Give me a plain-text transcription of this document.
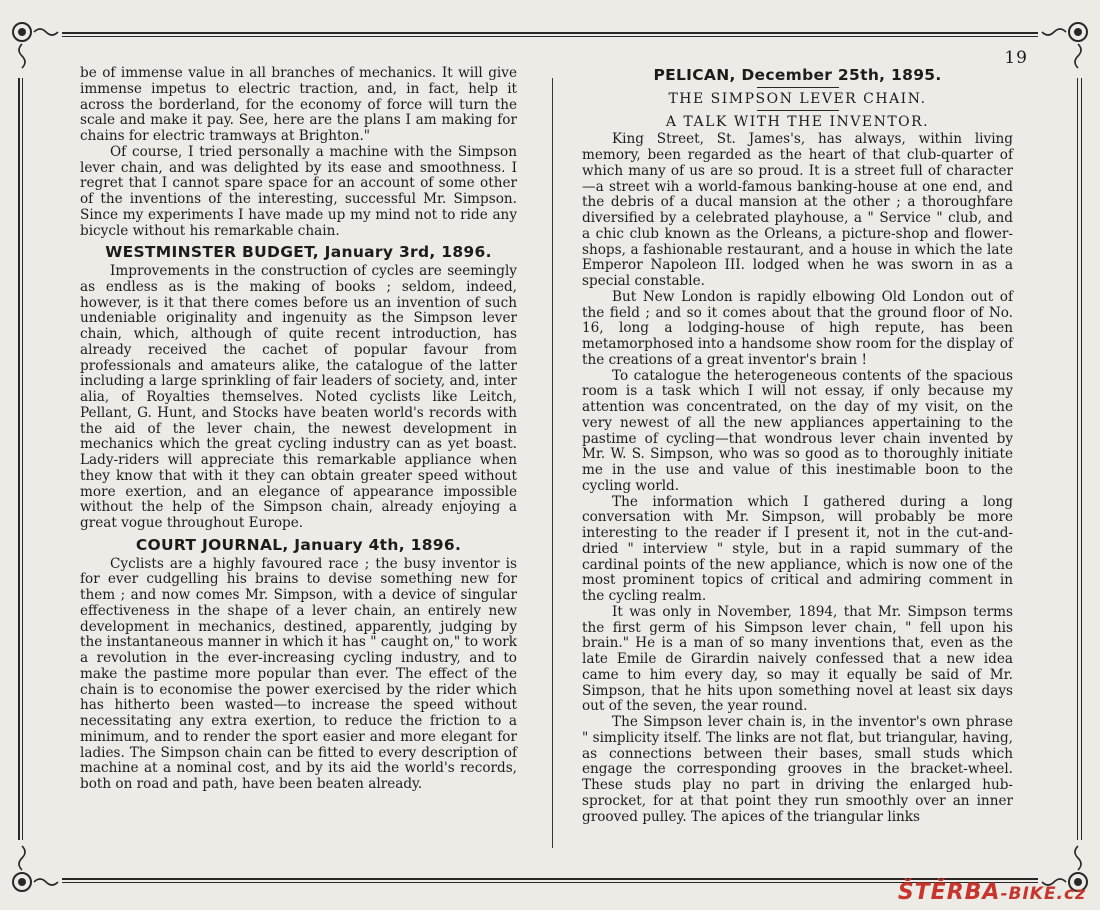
19

be of immense value in all branches of mechanics. It will give immense impetus to electric traction, and, in fact, help it across the borderland, for the economy of force will turn the scale and make it pay. See, here are the plans I am making for chains for electric tramways at Brighton."

Of course, I tried personally a machine with the Simpson lever chain, and was delighted by its ease and smoothness. I regret that I cannot spare space for an account of some other of the inventions of the interesting, successful Mr. Simpson. Since my experiments I have made up my mind not to ride any bicycle without his remarkable chain.

WESTMINSTER BUDGET, January 3rd, 1896.

Improvements in the construction of cycles are seemingly as endless as is the making of books ; seldom, indeed, however, is it that there comes before us an invention of such undeniable originality and ingenuity as the Simpson lever chain, which, although of quite recent introduction, has already received the cachet of popular favour from professionals and amateurs alike, the catalogue of the latter including a large sprinkling of fair leaders of society, and, inter alia, of Royalties themselves. Noted cyclists like Leitch, Pellant, G. Hunt, and Stocks have beaten world's records with the aid of the lever chain, the newest development in mechanics which the great cycling industry can as yet boast. Lady-riders will appreciate this remarkable appliance when they know that with it they can obtain greater speed without more exertion, and an elegance of appearance impossible without the help of the Simpson chain, already enjoying a great vogue throughout Europe.

COURT JOURNAL, January 4th, 1896.

Cyclists are a highly favoured race ; the busy inventor is for ever cudgelling his brains to devise something new for them ; and now comes Mr. Simpson, with a device of singular effectiveness in the shape of a lever chain, an entirely new development in mechanics, destined, apparently, judging by the instantaneous manner in which it has " caught on," to work a revolution in the ever-increasing cycling industry, and to make the pastime more popular than ever. The effect of the chain is to economise the power exercised by the rider which has hitherto been wasted—to increase the speed without necessitating any extra exertion, to reduce the friction to a minimum, and to render the sport easier and more elegant for ladies. The Simpson chain can be fitted to every description of machine at a nominal cost, and by its aid the world's records, both on road and path, have been beaten already.

PELICAN, December 25th, 1895.
THE SIMPSON LEVER CHAIN.
A TALK WITH THE INVENTOR.

King Street, St. James's, has always, within living memory, been regarded as the heart of that club-quarter of which many of us are so proud. It is a street full of character—a street wih a world-famous banking-house at one end, and the debris of a ducal mansion at the other ; a thoroughfare diversified by a celebrated playhouse, a " Service " club, and a chic club known as the Orleans, a picture-shop and flower-shops, a fashionable restaurant, and a house in which the late Emperor Napoleon III. lodged when he was sworn in as a special constable.

But New London is rapidly elbowing Old London out of the field ; and so it comes about that the ground floor of No. 16, long a lodging-house of high repute, has been metamorphosed into a handsome show room for the display of the creations of a great inventor's brain !

To catalogue the heterogeneous contents of the spacious room is a task which I will not essay, if only because my attention was concentrated, on the day of my visit, on the very newest of all the new appliances appertaining to the pastime of cycling—that wondrous lever chain invented by Mr. W. S. Simpson, who was so good as to thoroughly initiate me in the use and value of this inestimable boon to the cycling world.

The information which I gathered during a long conversation with Mr. Simpson, will probably be more interesting to the reader if I present it, not in the cut-and-dried " interview " style, but in a rapid summary of the cardinal points of the new appliance, which is now one of the most prominent topics of critical and admiring comment in the cycling realm.

It was only in November, 1894, that Mr. Simpson terms the first germ of his Simpson lever chain, " fell upon his brain." He is a man of so many inventions that, even as the late Emile de Girardin naively confessed that a new idea came to him every day, so may it equally be said of Mr. Simpson, that he hits upon something novel at least six days out of the seven, the year round.

The Simpson lever chain is, in the inventor's own phrase " simplicity itself. The links are not flat, but triangular, having, as connections between their bases, small studs which engage the corresponding grooves in the bracket-wheel. These studs play no part in driving the enlarged hub-sprocket, for at that point they run smoothly over an inner grooved pulley. The apices of the triangular links

ŠTĚRBA-BIKE.cz
